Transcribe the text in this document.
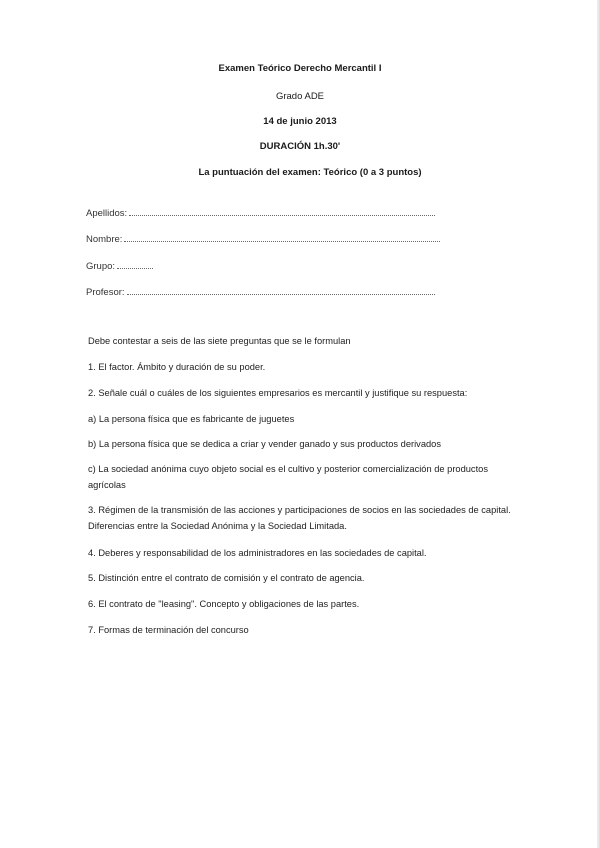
Examen Teórico Derecho Mercantil I
Grado ADE
14 de junio 2013
DURACIÓN 1h.30'
La puntuación del examen: Teórico (0 a 3 puntos)
Apellidos:
Nombre:
Grupo:
Profesor:
Debe contestar a seis de las siete preguntas que se le formulan
1. El factor. Ámbito y duración de su poder.
2. Señale cuál o cuáles de los siguientes empresarios es mercantil y justifique su respuesta:
a) La persona física que es fabricante de juguetes
b) La persona física que se dedica a criar y vender ganado y sus productos derivados
c) La sociedad anónima cuyo objeto social es el cultivo y posterior comercialización de productos agrícolas
3. Régimen de la transmisión de las acciones y participaciones de socios en las sociedades de capital. Diferencias entre la Sociedad Anónima y la Sociedad Limitada.
4. Deberes y responsabilidad de los administradores en las sociedades de capital.
5. Distinción entre el contrato de comisión y el contrato de agencia.
6. El contrato de "leasing". Concepto y obligaciones de las partes.
7. Formas de terminación del concurso
